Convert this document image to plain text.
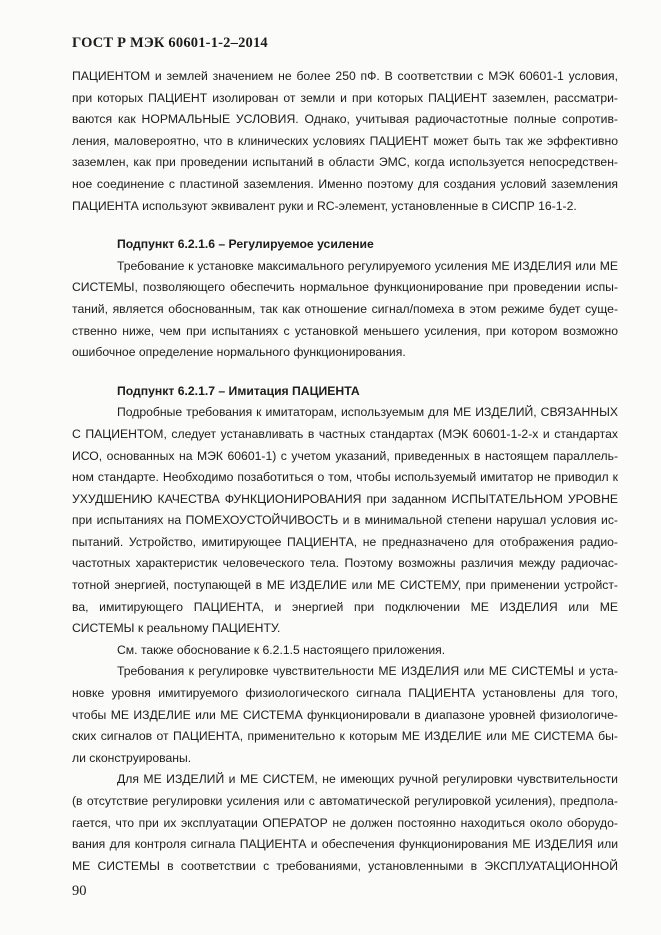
ГОСТ Р МЭК 60601-1-2–2014
ПАЦИЕНТОМ и землей значением не более 250 пФ. В соответствии с МЭК 60601-1 условия,
при которых ПАЦИЕНТ изолирован от земли и при которых ПАЦИЕНТ заземлен, рассматри-
ваются как НОРМАЛЬНЫЕ УСЛОВИЯ. Однако, учитывая радиочастотные полные сопротив-
ления, маловероятно, что в клинических условиях ПАЦИЕНТ может быть так же эффективно
заземлен, как при проведении испытаний в области ЭМС, когда используется непосредствен-
ное соединение с пластиной заземления. Именно поэтому для создания условий заземления
ПАЦИЕНТА используют эквивалент руки и RC-элемент, установленные в СИСПР 16-1-2.
Подпункт 6.2.1.6 – Регулируемое усиление
Требование к установке максимального регулируемого усиления МЕ ИЗДЕЛИЯ или МЕ
СИСТЕМЫ, позволяющего обеспечить нормальное функционирование при проведении испы-
таний, является обоснованным, так как отношение сигнал/помеха в этом режиме будет суще-
ственно ниже, чем при испытаниях с установкой меньшего усиления, при котором возможно
ошибочное определение нормального функционирования.
Подпункт 6.2.1.7 – Имитация ПАЦИЕНТА
Подробные требования к имитаторам, используемым для МЕ ИЗДЕЛИЙ, СВЯЗАННЫХ
С ПАЦИЕНТОМ, следует устанавливать в частных стандартах (МЭК 60601-1-2-х и стандартах
ИСО, основанных на МЭК 60601-1) с учетом указаний, приведенных в настоящем параллель-
ном стандарте. Необходимо позаботиться о том, чтобы используемый имитатор не приводил к
УХУДШЕНИЮ КАЧЕСТВА ФУНКЦИОНИРОВАНИЯ при заданном ИСПЫТАТЕЛЬНОМ УРОВНЕ
при испытаниях на ПОМЕХОУСТОЙЧИВОСТЬ и в минимальной степени нарушал условия ис-
пытаний. Устройство, имитирующее ПАЦИЕНТА, не предназначено для отображения радио-
частотных характеристик человеческого тела. Поэтому возможны различия между радиочас-
тотной энергией, поступающей в МЕ ИЗДЕЛИЕ или МЕ СИСТЕМУ, при применении устройст-
ва, имитирующего ПАЦИЕНТА, и энергией при подключении МЕ ИЗДЕЛИЯ или МЕ
СИСТЕМЫ к реальному ПАЦИЕНТУ.
См. также обоснование к 6.2.1.5 настоящего приложения.
Требования к регулировке чувствительности МЕ ИЗДЕЛИЯ или МЕ СИСТЕМЫ и уста-
новке уровня имитируемого физиологического сигнала ПАЦИЕНТА установлены для того,
чтобы МЕ ИЗДЕЛИЕ или МЕ СИСТЕМА функционировали в диапазоне уровней физиологиче-
ских сигналов от ПАЦИЕНТА, применительно к которым МЕ ИЗДЕЛИЕ или МЕ СИСТЕМА бы-
ли сконструированы.
Для МЕ ИЗДЕЛИЙ и МЕ СИСТЕМ, не имеющих ручной регулировки чувствительности
(в отсутствие регулировки усиления или с автоматической регулировкой усиления), предпола-
гается, что при их эксплуатации ОПЕРАТОР не должен постоянно находиться около оборудо-
вания для контроля сигнала ПАЦИЕНТА и обеспечения функционирования МЕ ИЗДЕЛИЯ или
МЕ СИСТЕМЫ в соответствии с требованиями, установленными в ЭКСПЛУАТАЦИОННОЙ
90
